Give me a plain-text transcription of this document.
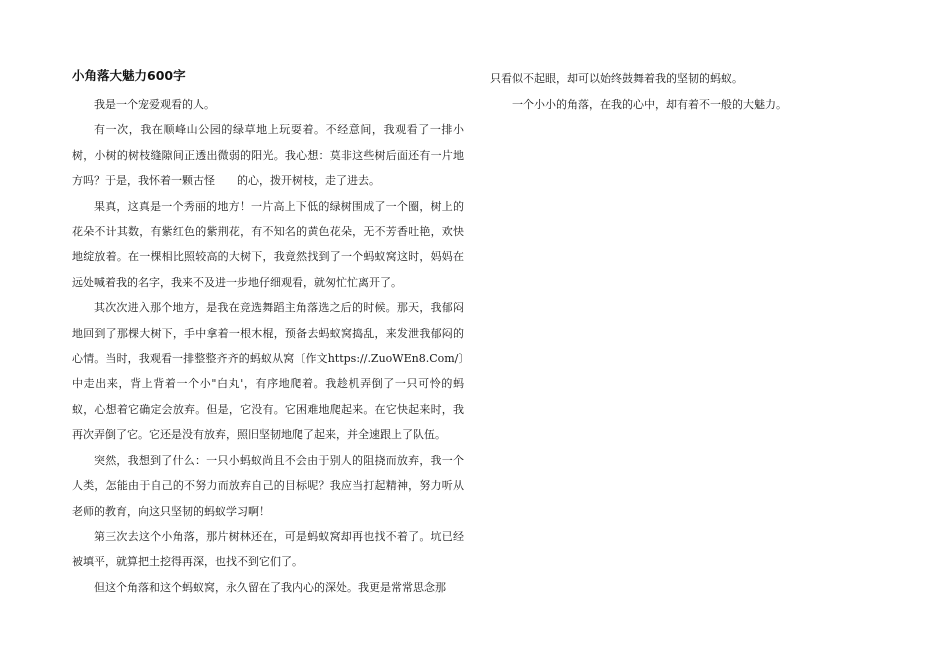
小角落大魅力600字

我是一个宠爱观看的人。

有一次，我在顺峰山公园的绿草地上玩耍着。不经意间，我观看了一排小树，小树的树枝缝隙间正透出微弱的阳光。我心想：莫非这些树后面还有一片地方吗？于是，我怀着一颗古怪　　的心，拨开树枝，走了进去。

果真，这真是一个秀丽的地方！一片高上下低的绿树围成了一个圈，树上的花朵不计其数，有紫红色的紫荆花，有不知名的黄色花朵，无不芳香吐艳，欢快地绽放着。在一棵相比照较高的大树下，我竟然找到了一个蚂蚁窝这时，妈妈在远处喊着我的名字，我来不及进一步地仔细观看，就匆忙忙离开了。

其次次进入那个地方，是我在竞选舞蹈主角落选之后的时候。那天，我郁闷地回到了那棵大树下，手中拿着一根木棍，预备去蚂蚁窝捣乱，来发泄我郁闷的心情。当时，我观看一排整整齐齐的蚂蚁从窝〔作文https://.ZuoWEn8.Com/〕中走出来，背上背着一个小"白丸'，有序地爬着。我趁机弄倒了一只可怜的蚂蚁，心想着它确定会放弃。但是，它没有。它困难地爬起来。在它快起来时，我再次弄倒了它。它还是没有放弃，照旧坚韧地爬了起来，并全速跟上了队伍。

突然，我想到了什么：一只小蚂蚁尚且不会由于别人的阻挠而放弃，我一个人类，怎能由于自己的不努力而放弃自己的目标呢？我应当打起精神，努力听从老师的教育，向这只坚韧的蚂蚁学习啊！

第三次去这个小角落，那片树林还在，可是蚂蚁窝却再也找不着了。坑已经被填平，就算把土挖得再深，也找不到它们了。

但这个角落和这个蚂蚁窝，永久留在了我内心的深处。我更是常常思念那

只看似不起眼，却可以始终鼓舞着我的坚韧的蚂蚁。

一个小小的角落，在我的心中，却有着不一般的大魅力。
